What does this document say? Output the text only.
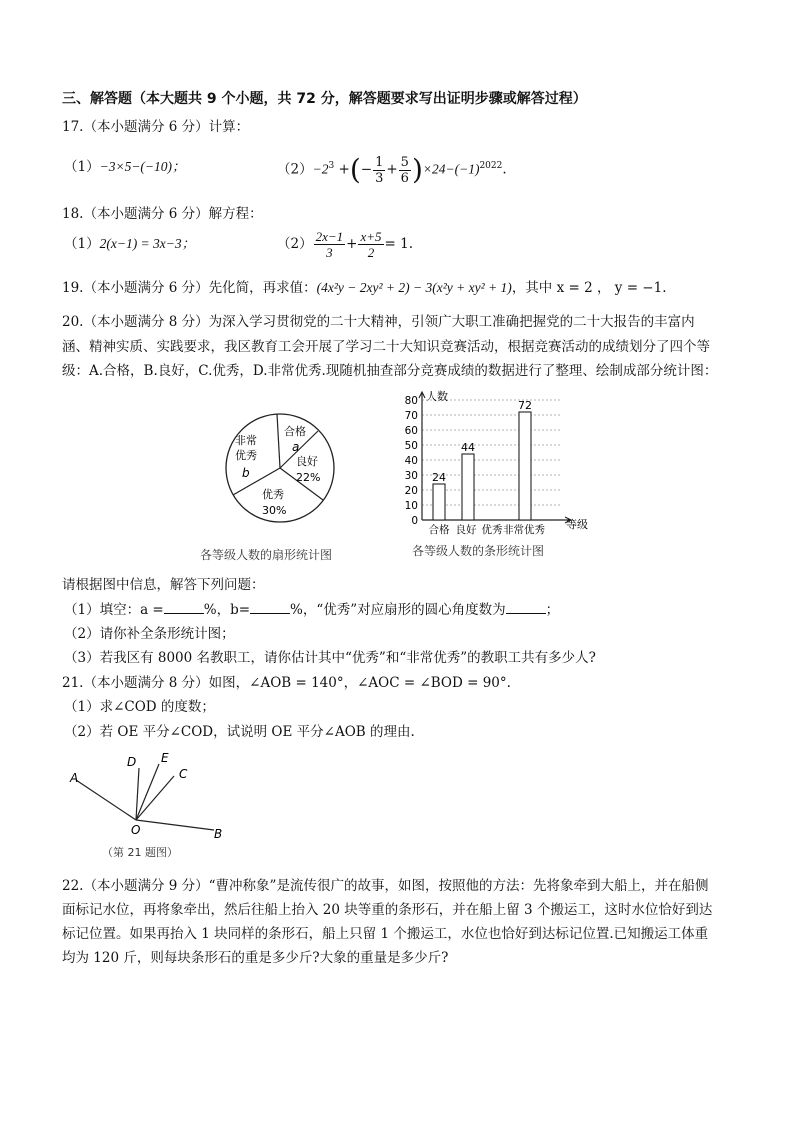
三、解答题（本大题共 9 个小题，共 72 分，解答题要求写出证明步骤或解答过程）
17.（本小题满分 6 分）计算：
（1）−3×5−(−10)；	$(2)-2^3$ +(− $\frac{1}{3} + \frac{5}{6} )\times 24-(-1)^{2022}$.
18.（本小题满分 6 分）解方程：
（1）2(x−1) = 3x−3；	$(2) \frac{2x-1}{3} + \frac{x+5}{2} = 1$.
19.（本小题满分 6 分）先化简，再求值：(4x²y − 2xy² + 2) − 3(x²y + xy² + 1)，其中 x = 2 ， y = −1.
20.（本小题满分 8 分）为深入学习贯彻党的二十大精神，引领广大职工准确把握党的二十大报告的丰富内
涵、精神实质、实践要求，我区教育工会开展了学习二十大知识竞赛活动，根据竞赛活动的成绩划分了四个等
级：A.合格，B.良好，C.优秀，D.非常优秀.现随机抽查部分竞赛成绩的数据进行了整理、绘制成部分统计图：
合格
a
良好
22%
优秀
30%
非常
优秀
b
各等级人数的扇形统计图
0
10
20
30
40
50
60
70
80 人数
等级
24
44
72
合格 良好 优秀 非常优秀
各等级人数的条形统计图
请根据图中信息，解答下列问题：
（1）填空：a =	%，b=	%，“优秀”对应扇形的圆心角度数为	；
（2）请你补全条形统计图；
（3）若我区有 8000 名教职工，请你估计其中“优秀”和“非常优秀”的教职工共有多少人?
21.（本小题满分 8 分）如图，∠AOB = 140°，∠AOC = ∠BOD = 90°.
（1）求∠COD 的度数；
（2）若 OE 平分∠COD，试说明 OE 平分∠AOB 的理由.
A
D E
C
O	B
（第 21 题图）
22.（本小题满分 9 分）“曹冲称象”是流传很广的故事，如图，按照他的方法：先将象牵到大船上，并在船侧
面标记水位，再将象牵出，然后往船上抬入 20 块等重的条形石，并在船上留 3 个搬运工，这时水位恰好到达
标记位置。如果再抬入 1 块同样的条形石，船上只留 1 个搬运工，水位也恰好到达标记位置.已知搬运工体重
均为 120 斤，则每块条形石的重是多少斤?大象的重量是多少斤?
